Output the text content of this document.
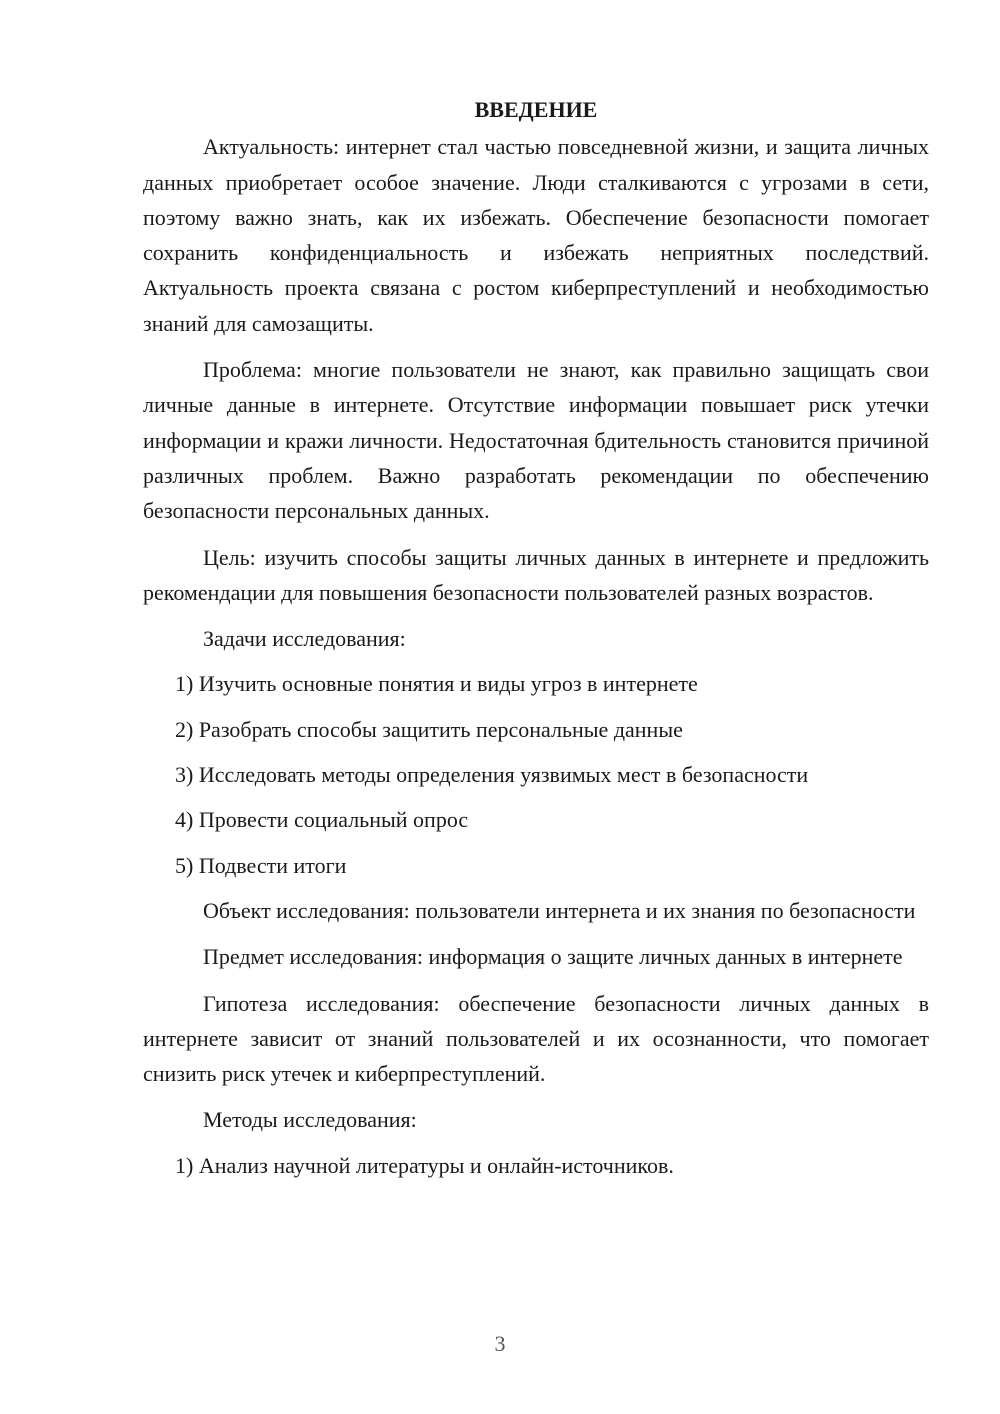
ВВЕДЕНИЕ

Актуальность: интернет стал частью повседневной жизни, и защита личных данных приобретает особое значение. Люди сталкиваются с угрозами в сети, поэтому важно знать, как их избежать. Обеспечение безопасности помогает сохранить конфиденциальность и избежать неприятных последствий. Актуальность проекта связана с ростом киберпреступлений и необходимостью знаний для самозащиты.

Проблема: многие пользователи не знают, как правильно защищать свои личные данные в интернете. Отсутствие информации повышает риск утечки информации и кражи личности. Недостаточная бдительность становится причиной различных проблем. Важно разработать рекомендации по обеспечению безопасности персональных данных.

Цель: изучить способы защиты личных данных в интернете и предложить рекомендации для повышения безопасности пользователей разных возрастов.

Задачи исследования:

1) Изучить основные понятия и виды угроз в интернете
2) Разобрать способы защитить персональные данные
3) Исследовать методы определения уязвимых мест в безопасности
4) Провести социальный опрос
5) Подвести итоги

Объект исследования: пользователи интернета и их знания по безопасности

Предмет исследования: информация о защите личных данных в интернете

Гипотеза исследования: обеспечение безопасности личных данных в интернете зависит от знаний пользователей и их осознанности, что помогает снизить риск утечек и киберпреступлений.

Методы исследования:

1) Анализ научной литературы и онлайн-источников.
3
